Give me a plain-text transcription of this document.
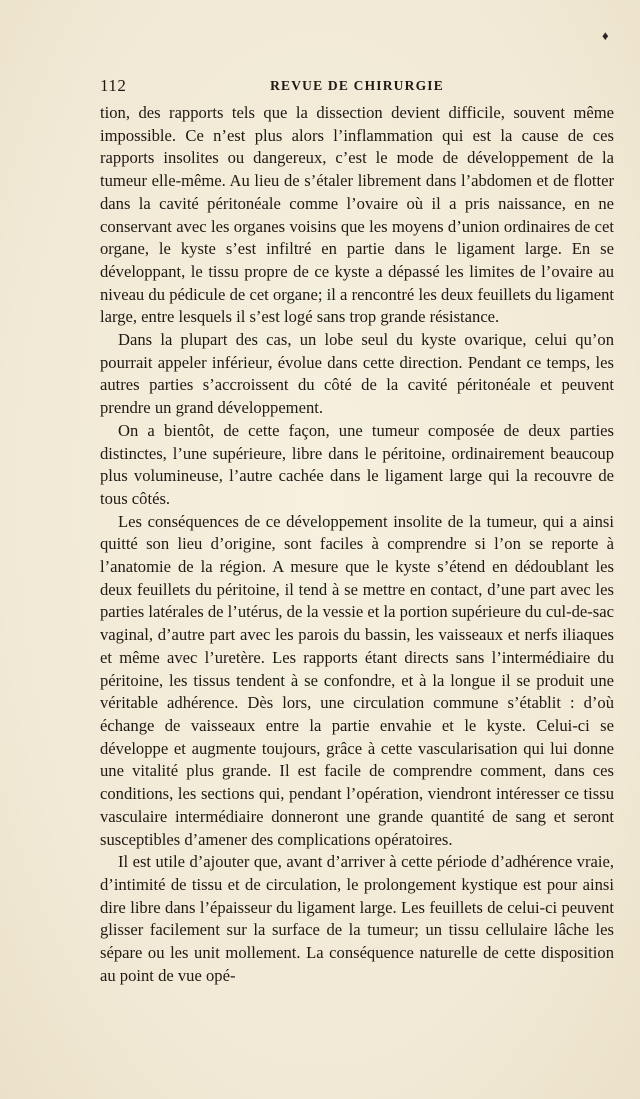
♦
112	REVUE DE CHIRURGIE

tion, des rapports tels que la dissection devient difficile, souvent même impossible. Ce n’est plus alors l’inflammation qui est la cause de ces rapports insolites ou dangereux, c’est le mode de développement de la tumeur elle-même. Au lieu de s’étaler librement dans l’abdomen et de flotter dans la cavité péritonéale comme l’ovaire où il a pris naissance, en ne conservant avec les organes voisins que les moyens d’union ordinaires de cet organe, le kyste s’est infiltré en partie dans le ligament large. En se développant, le tissu propre de ce kyste a dépassé les limites de l’ovaire au niveau du pédicule de cet organe; il a rencontré les deux feuillets du ligament large, entre lesquels il s’est logé sans trop grande résistance.

Dans la plupart des cas, un lobe seul du kyste ovarique, celui qu’on pourrait appeler inférieur, évolue dans cette direction. Pendant ce temps, les autres parties s’accroissent du côté de la cavité péritonéale et peuvent prendre un grand développement.

On a bientôt, de cette façon, une tumeur composée de deux parties distinctes, l’une supérieure, libre dans le péritoine, ordinairement beaucoup plus volumineuse, l’autre cachée dans le ligament large qui la recouvre de tous côtés.

Les conséquences de ce développement insolite de la tumeur, qui a ainsi quitté son lieu d’origine, sont faciles à comprendre si l’on se reporte à l’anatomie de la région. A mesure que le kyste s’étend en dédoublant les deux feuillets du péritoine, il tend à se mettre en contact, d’une part avec les parties latérales de l’utérus, de la vessie et la portion supérieure du cul-de-sac vaginal, d’autre part avec les parois du bassin, les vaisseaux et nerfs iliaques et même avec l’uretère. Les rapports étant directs sans l’intermédiaire du péritoine, les tissus tendent à se confondre, et à la longue il se produit une véritable adhérence. Dès lors, une circulation commune s’établit : d’où échange de vaisseaux entre la partie envahie et le kyste. Celui-ci se développe et augmente toujours, grâce à cette vascularisation qui lui donne une vitalité plus grande. Il est facile de comprendre comment, dans ces conditions, les sections qui, pendant l’opération, viendront intéresser ce tissu vasculaire intermédiaire donneront une grande quantité de sang et seront susceptibles d’amener des complications opératoires.

Il est utile d’ajouter que, avant d’arriver à cette période d’adhérence vraie, d’intimité de tissu et de circulation, le prolongement kystique est pour ainsi dire libre dans l’épaisseur du ligament large. Les feuillets de celui-ci peuvent glisser facilement sur la surface de la tumeur; un tissu cellulaire lâche les sépare ou les unit mollement. La conséquence naturelle de cette disposition au point de vue opé-
